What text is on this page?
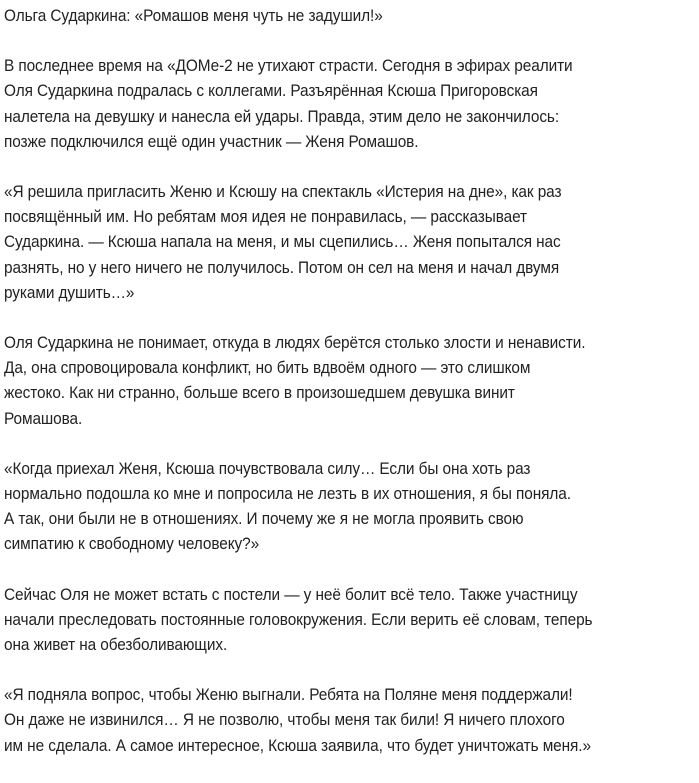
Ольга Сударкина: «Ромашов меня чуть не задушил!»

В последнее время на «ДОМе-2 не утихают страсти. Сегодня в эфирах реалити
Оля Сударкина подралась с коллегами. Разъярённая Ксюша Пригоровская
налетела на девушку и нанесла ей удары. Правда, этим дело не закончилось:
позже подключился ещё один участник — Женя Ромашов.

«Я решила пригласить Женю и Ксюшу на спектакль «Истерия на дне», как раз
посвящённый им. Но ребятам моя идея не понравилась, — рассказывает
Сударкина. — Ксюша напала на меня, и мы сцепились… Женя попытался нас
разнять, но у него ничего не получилось. Потом он сел на меня и начал двумя
руками душить…»

Оля Сударкина не понимает, откуда в людях берётся столько злости и ненависти.
Да, она спровоцировала конфликт, но бить вдвоём одного — это слишком
жестоко. Как ни странно, больше всего в произошедшем девушка винит
Ромашова.

«Когда приехал Женя, Ксюша почувствовала силу… Если бы она хоть раз
нормально подошла ко мне и попросила не лезть в их отношения, я бы поняла.
А так, они были не в отношениях. И почему же я не могла проявить свою
симпатию к свободному человеку?»

Сейчас Оля не может встать с постели — у неё болит всё тело. Также участницу
начали преследовать постоянные головокружения. Если верить её словам, теперь
она живет на обезболивающих.

«Я подняла вопрос, чтобы Женю выгнали. Ребята на Поляне меня поддержали!
Он даже не извинился… Я не позволю, чтобы меня так били! Я ничего плохого
им не сделала. А самое интересное, Ксюша заявила, что будет уничтожать меня.»
